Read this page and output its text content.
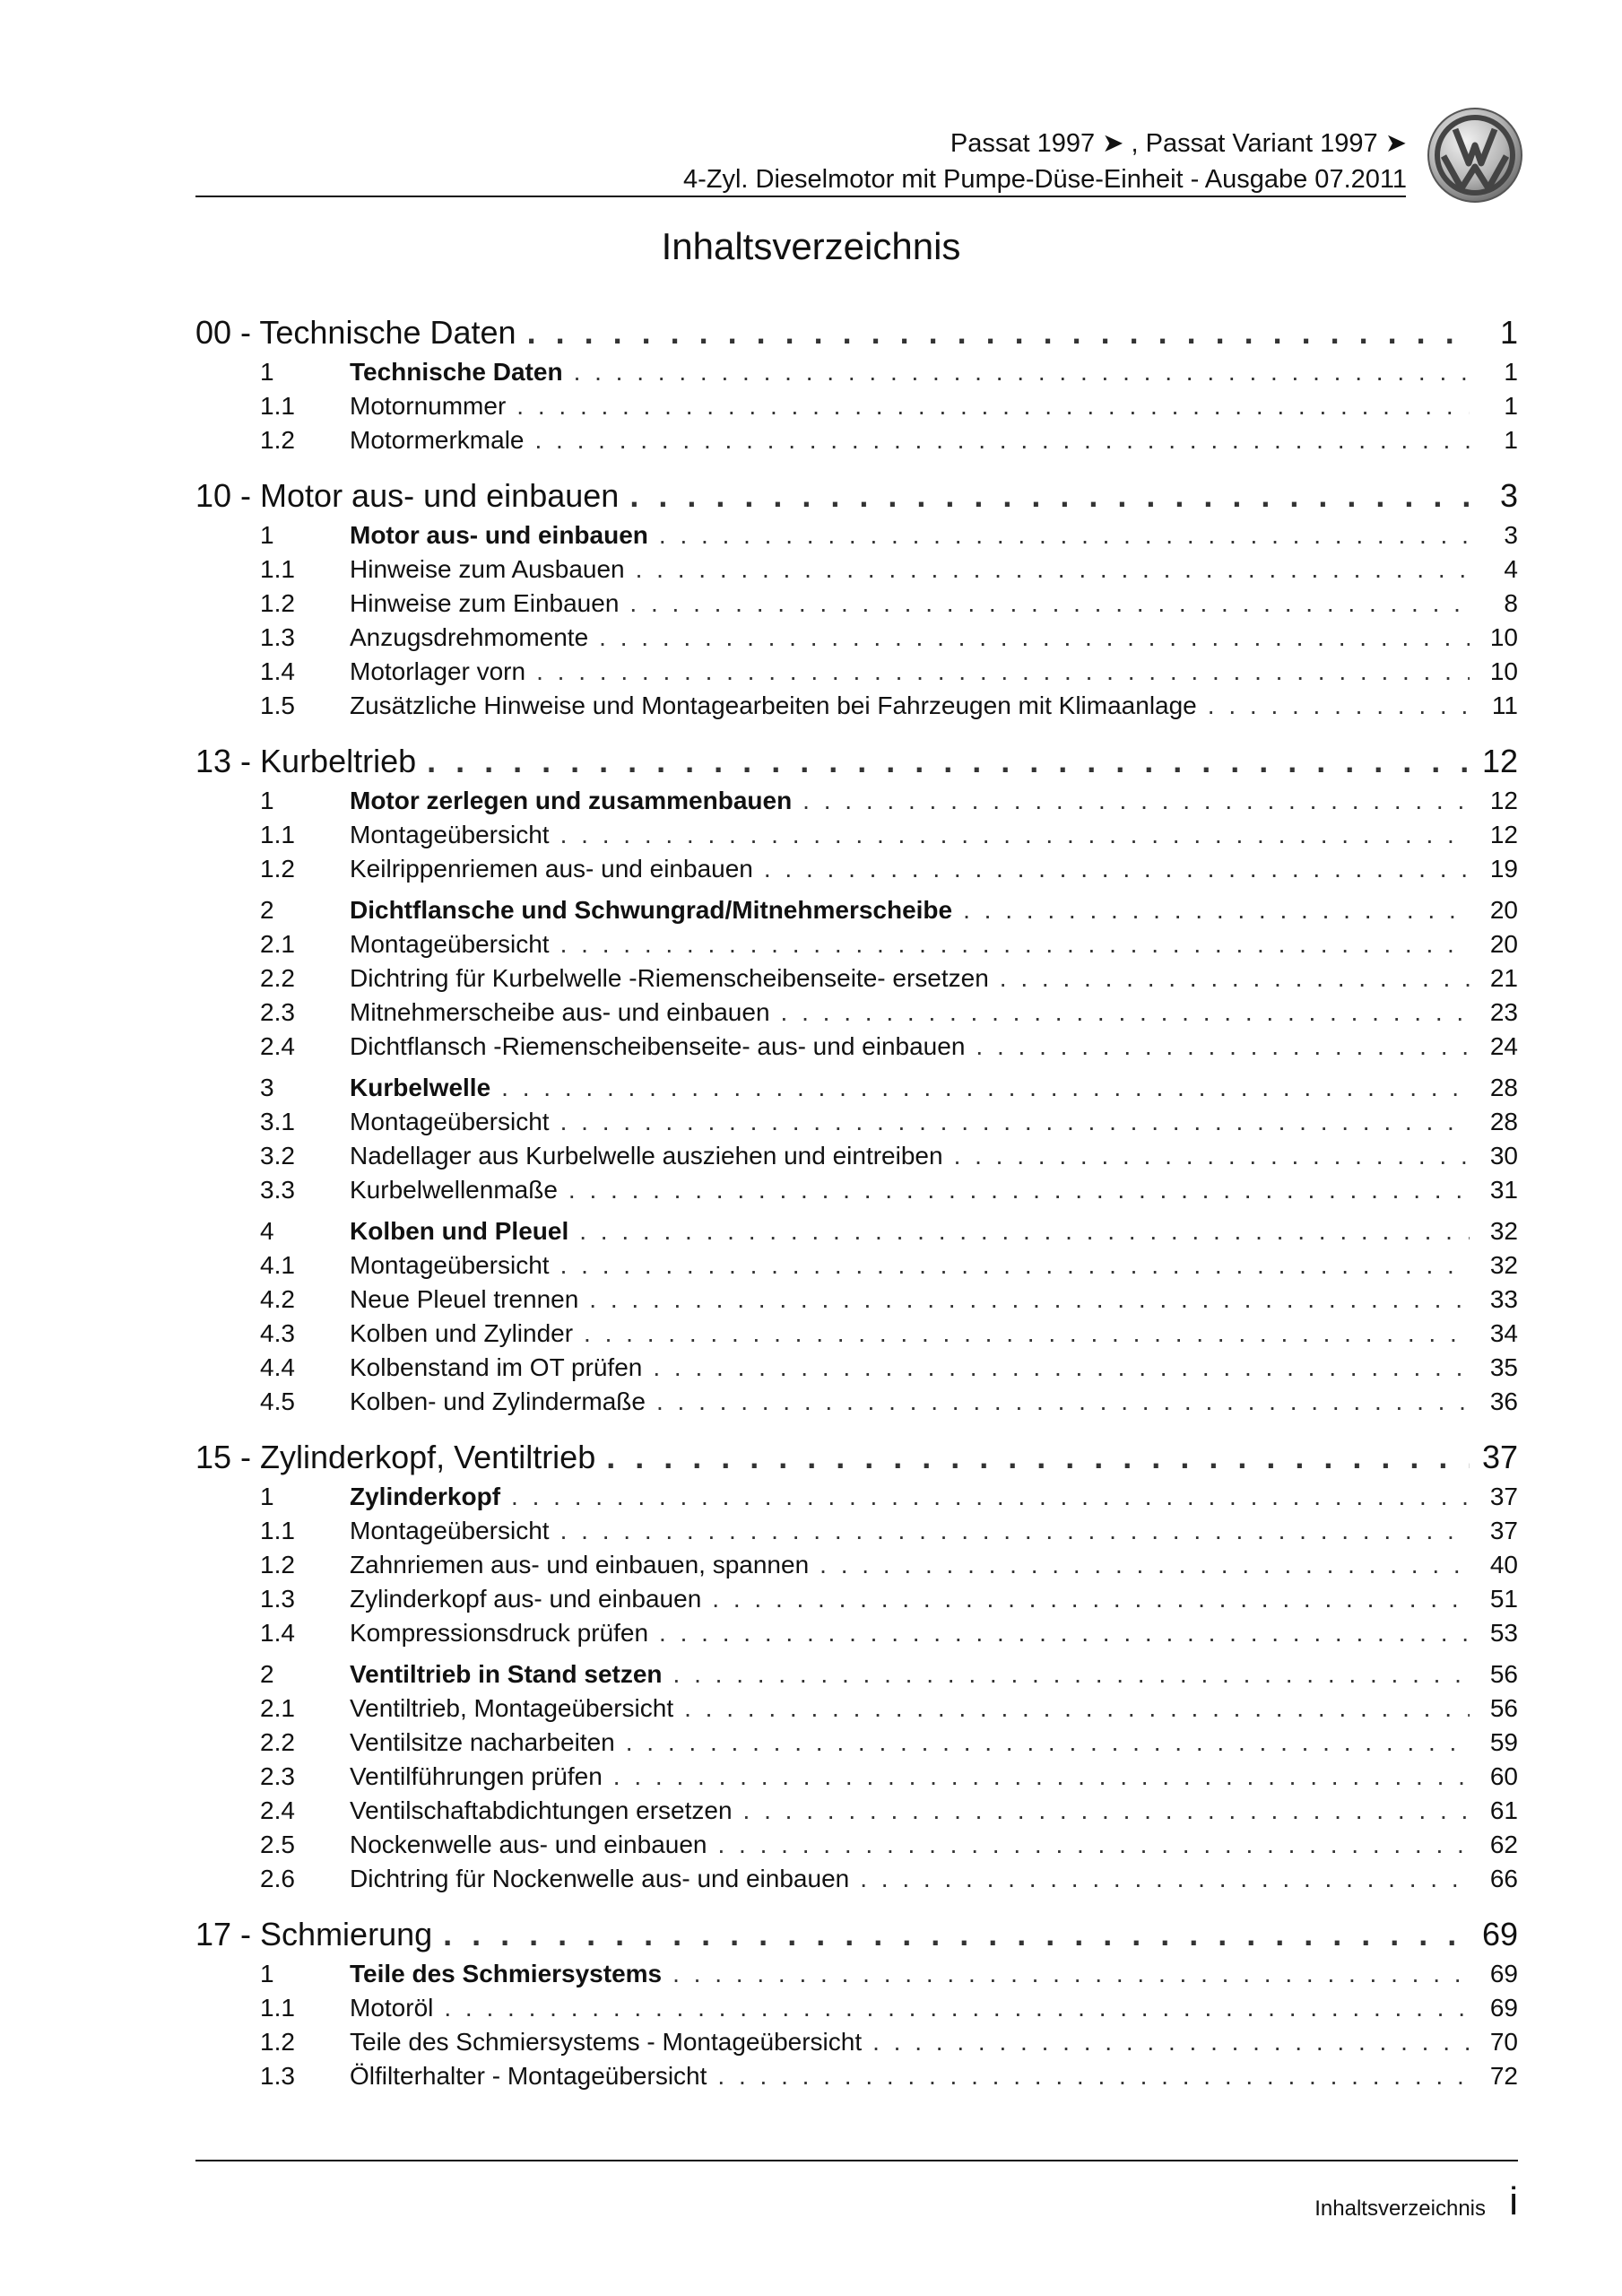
Passat 1997 ➤ , Passat Variant 1997 ➤
4-Zyl. Dieselmotor mit Pumpe-Düse-Einheit - Ausgabe 07.2011
Inhaltsverzeichnis
00 - Technische Daten . . .	1
1	Technische Daten . . .	1
1.1	Motornummer . . .	1
1.2	Motormerkmale . . .	1
10 - Motor aus- und einbauen . . .	3
1	Motor aus- und einbauen . . .	3
1.1	Hinweise zum Ausbauen . . .	4
1.2	Hinweise zum Einbauen . . .	8
1.3	Anzugsdrehmomente . . .	10
1.4	Motorlager vorn . . .	10
1.5	Zusätzliche Hinweise und Montagearbeiten bei Fahrzeugen mit Klimaanlage . . .	11
13 - Kurbeltrieb . . .	12
1	Motor zerlegen und zusammenbauen . . .	12
1.1	Montageübersicht . . .	12
1.2	Keilrippenriemen aus- und einbauen . . .	19
2	Dichtflansche und Schwungrad/Mitnehmerscheibe . . .	20
2.1	Montageübersicht . . .	20
2.2	Dichtring für Kurbelwelle -Riemenscheibenseite- ersetzen . . .	21
2.3	Mitnehmerscheibe aus- und einbauen . . .	23
2.4	Dichtflansch -Riemenscheibenseite- aus- und einbauen . . .	24
3	Kurbelwelle . . .	28
3.1	Montageübersicht . . .	28
3.2	Nadellager aus Kurbelwelle ausziehen und eintreiben . . .	30
3.3	Kurbelwellenmaße . . .	31
4	Kolben und Pleuel . . .	32
4.1	Montageübersicht . . .	32
4.2	Neue Pleuel trennen . . .	33
4.3	Kolben und Zylinder . . .	34
4.4	Kolbenstand im OT prüfen . . .	35
4.5	Kolben- und Zylindermaße . . .	36
15 - Zylinderkopf, Ventiltrieb . . .	37
1	Zylinderkopf . . .	37
1.1	Montageübersicht . . .	37
1.2	Zahnriemen aus- und einbauen, spannen . . .	40
1.3	Zylinderkopf aus- und einbauen . . .	51
1.4	Kompressionsdruck prüfen . . .	53
2	Ventiltrieb in Stand setzen . . .	56
2.1	Ventiltrieb, Montageübersicht . . .	56
2.2	Ventilsitze nacharbeiten . . .	59
2.3	Ventilführungen prüfen . . .	60
2.4	Ventilschaftabdichtungen ersetzen . . .	61
2.5	Nockenwelle aus- und einbauen . . .	62
2.6	Dichtring für Nockenwelle aus- und einbauen . . .	66
17 - Schmierung . . .	69
1	Teile des Schmiersystems . . .	69
1.1	Motoröl . . .	69
1.2	Teile des Schmiersystems - Montageübersicht . . .	70
1.3	Ölfilterhalter - Montageübersicht . . .	72
Inhaltsverzeichnis i
